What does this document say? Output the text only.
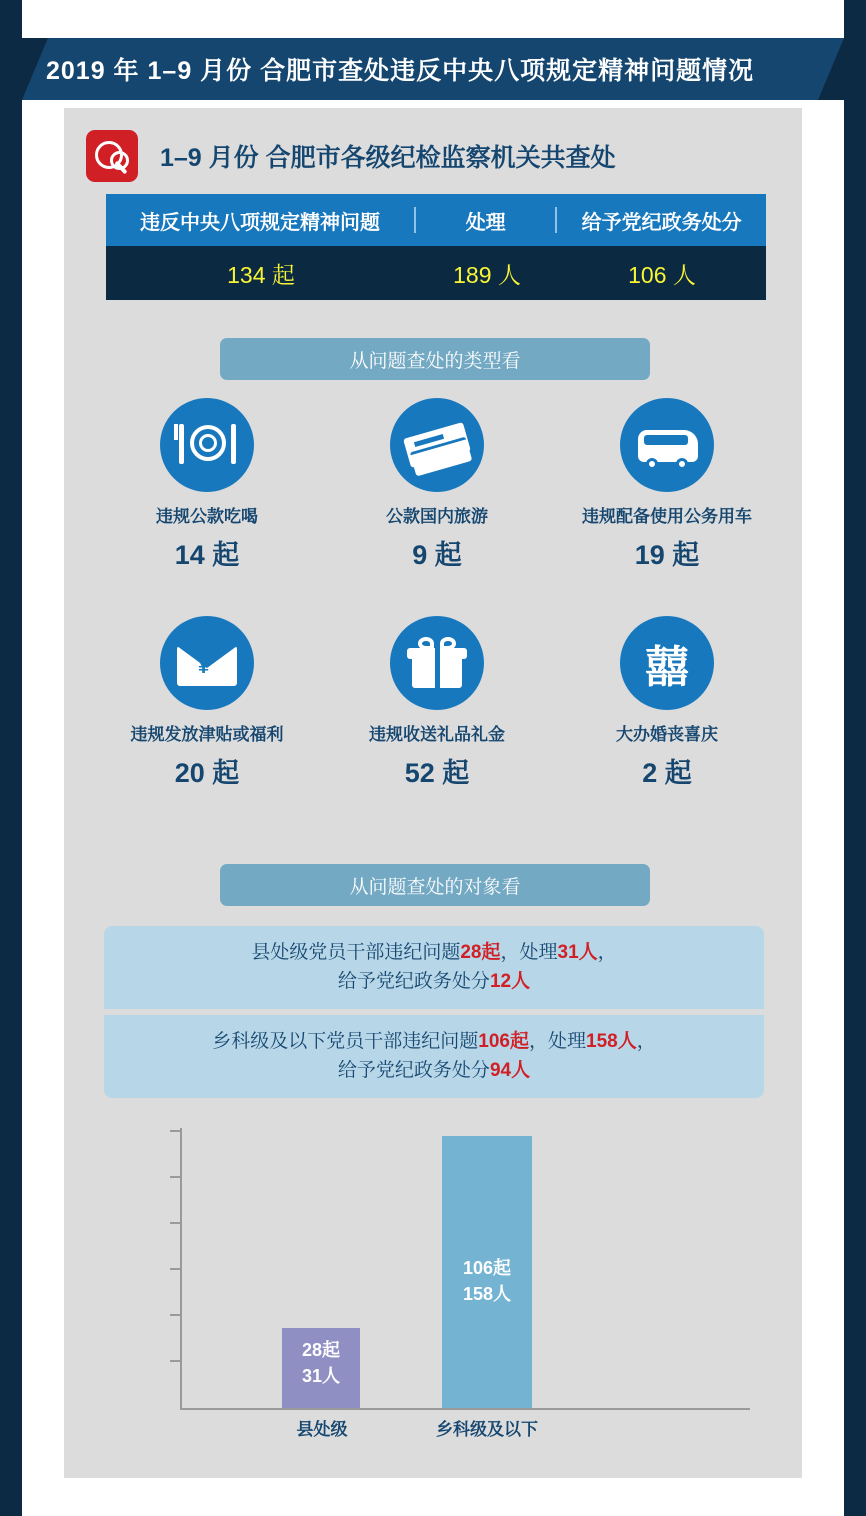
2019 年 1–9 月份 合肥市查处违反中央八项规定精神问题情况
1–9 月份 合肥市各级纪检监察机关共查处
违反中央八项规定精神问题	处理	给予党纪政务处分
134 起	189 人	106 人
从问题查处的类型看
违规公款吃喝
14 起
公款国内旅游
9 起
违规配备使用公务用车
19 起
¥
违规发放津贴或福利
20 起
违规收送礼品礼金
52 起
囍
大办婚丧喜庆
2 起
从问题查处的对象看
县处级党员干部违纪问题28起，处理31人，
给予党纪政务处分12人
乡科级及以下党员干部违纪问题106起，处理158人，
给予党纪政务处分94人
28起
31人
106起
158人
县处级	乡科级及以下
